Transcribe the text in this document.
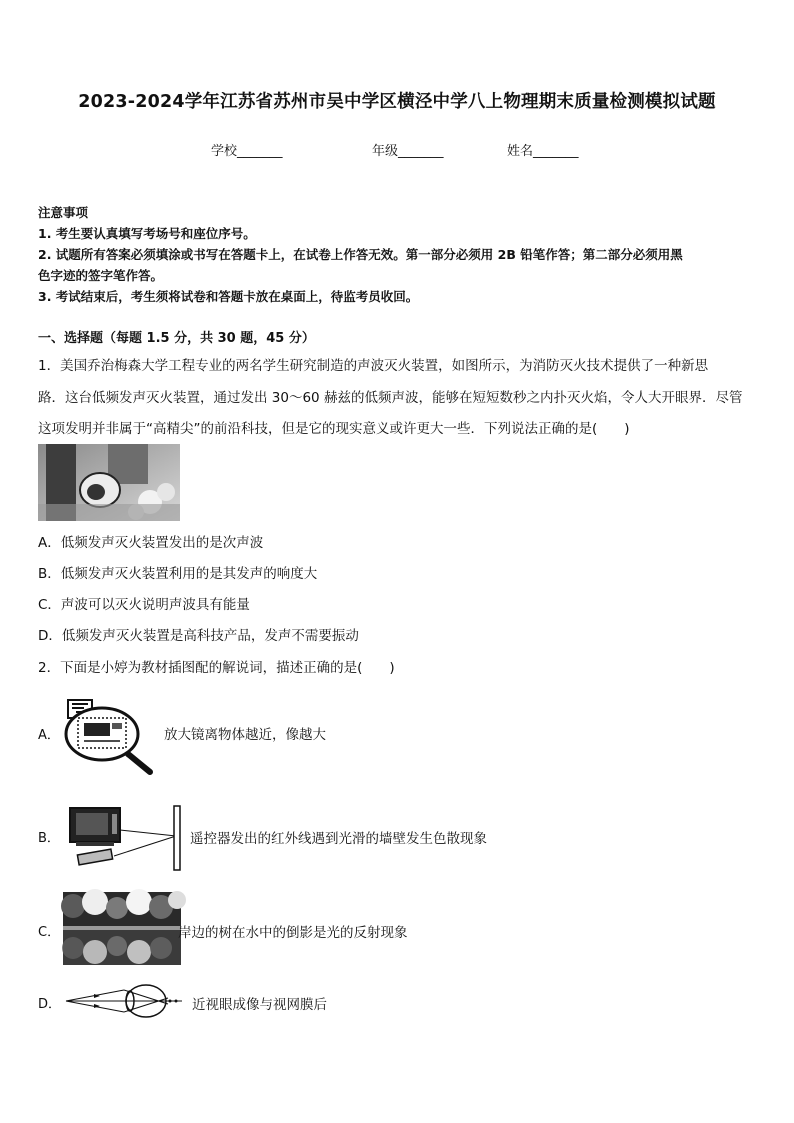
2023-2024学年江苏省苏州市吴中学区横泾中学八上物理期末质量检测模拟试题
学校_______	年级_______	姓名_______
注意事项
1. 考生要认真填写考场号和座位序号。
2. 试题所有答案必须填涂或书写在答题卡上，在试卷上作答无效。第一部分必须用 2B 铅笔作答；第二部分必须用黑
色字迹的签字笔作答。
3. 考试结束后，考生须将试卷和答题卡放在桌面上，待监考员收回。
一、选择题（每题 1.5 分，共 30 题，45 分）
1．美国乔治梅森大学工程专业的两名学生研究制造的声波灭火装置，如图所示，为消防灭火技术提供了一种新思
路．这台低频发声灭火装置，通过发出 30～60 赫兹的低频声波，能够在短短数秒之内扑灭火焰，令人大开眼界．尽管
这项发明并非属于“高精尖”的前沿科技，但是它的现实意义或许更大一些．下列说法正确的是(　　)
A．低频发声灭火装置发出的是次声波
B．低频发声灭火装置利用的是其发声的响度大
C．声波可以灭火说明声波具有能量
D．低频发声灭火装置是高科技产品，发声不需要振动
2．下面是小婷为教材插图配的解说词，描述正确的是(　　)
A．	放大镜离物体越近，像越大
B．	遥控器发出的红外线遇到光滑的墙壁发生色散现象
C．	岸边的树在水中的倒影是光的反射现象
D．	近视眼成像与视网膜后
